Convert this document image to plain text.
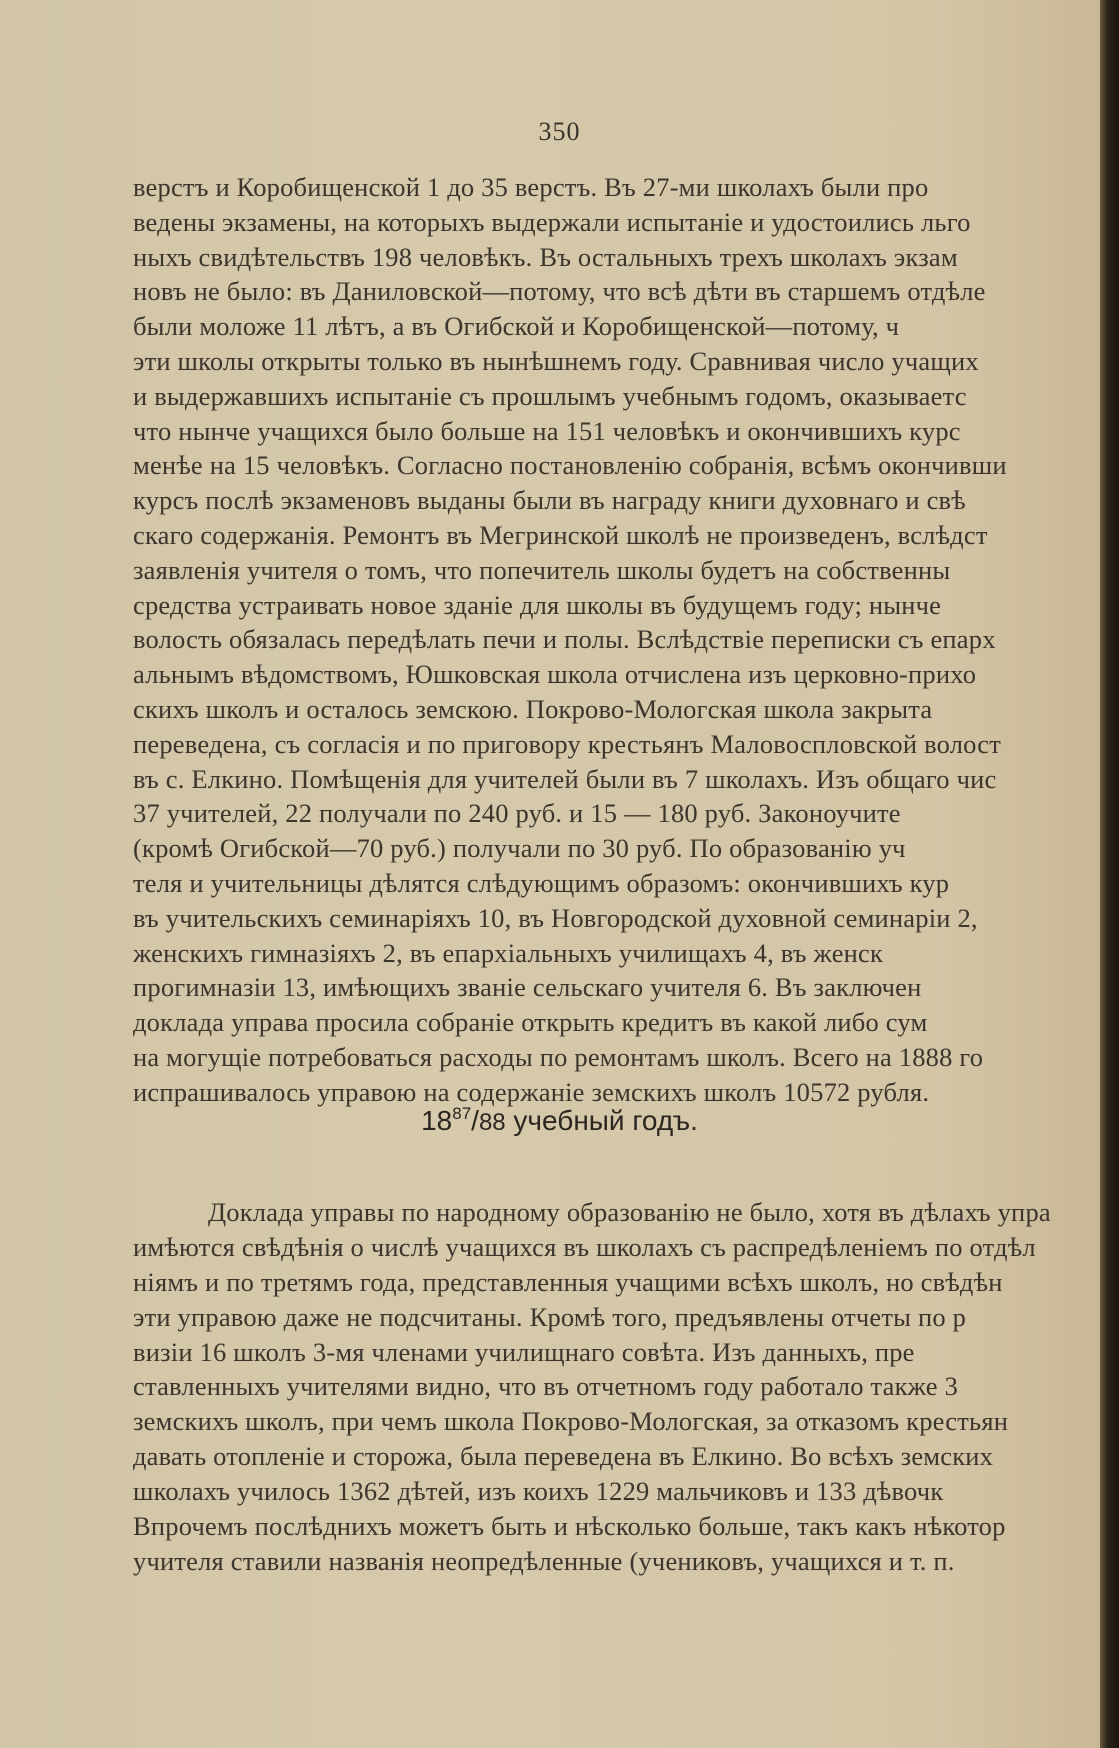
350
верстъ и Коробищенской 1 до 35 верстъ. Въ 27-ми школахъ были про
ведены экзамены, на которыхъ выдержали испытаніе и удостоились льго
ныхъ свидѣтельствъ 198 человѣкъ. Въ остальныхъ трехъ школахъ экзам
новъ не было: въ Даниловской—потому, что всѣ дѣти въ старшемъ отдѣле
были моложе 11 лѣтъ, а въ Огибской и Коробищенской—потому, ч
эти школы открыты только въ нынѣшнемъ году. Сравнивая число учащих
и выдержавшихъ испытаніе съ прошлымъ учебнымъ годомъ, оказываетс
что нынче учащихся было больше на 151 человѣкъ и окончившихъ курс
менѣе на 15 человѣкъ. Согласно постановленію собранія, всѣмъ окончивши
курсъ послѣ экзаменовъ выданы были въ награду книги духовнаго и свѣ
скаго содержанія. Ремонтъ въ Мегринской школѣ не произведенъ, вслѣдст
заявленія учителя о томъ, что попечитель школы будетъ на собственны
средства устраивать новое зданіе для школы въ будущемъ году; нынче
волость обязалась передѣлать печи и полы. Вслѣдствіе переписки съ епарх
альнымъ вѣдомствомъ, Юшковская школа отчислена изъ церковно-прихо
скихъ школъ и осталось земскою. Покрово-Мологская школа закрыта
переведена, съ согласія и по приговору крестьянъ Маловоспловской волост
въ с. Елкино. Помѣщенія для учителей были въ 7 школахъ. Изъ общаго чис
37 учителей, 22 получали по 240 руб. и 15 — 180 руб. Законоучите
(кромѣ Огибской—70 руб.) получали по 30 руб. По образованію уч
теля и учительницы дѣлятся слѣдующимъ образомъ: окончившихъ кур
въ учительскихъ семинаріяхъ 10, въ Новгородской духовной семинаріи 2,
женскихъ гимназіяхъ 2, въ епархіальныхъ училищахъ 4, въ женск
прогимназіи 13, имѣющихъ званіе сельскаго учителя 6. Въ заключен
доклада управа просила собраніе открыть кредитъ въ какой либо сум
на могущіе потребоваться расходы по ремонтамъ школъ. Всего на 1888 го
испрашивалось управою на содержаніе земскихъ школъ 10572 рубля.
$18^{87}/88$ учебный годъ.
Доклада управы по народному образованію не было, хотя въ дѣлахъ упра
имѣются свѣдѣнія о числѣ учащихся въ школахъ съ распредѣленіемъ по отдѣл
ніямъ и по третямъ года, представленныя учащими всѣхъ школъ, но свѣдѣн
эти управою даже не подсчитаны. Кромѣ того, предъявлены отчеты по р
визіи 16 школъ 3-мя членами училищнаго совѣта. Изъ данныхъ, пре
ставленныхъ учителями видно, что въ отчетномъ году работало также 3
земскихъ школъ, при чемъ школа Покрово-Мологская, за отказомъ крестьян
давать отопленіе и сторожа, была переведена въ Елкино. Во всѣхъ земских
школахъ училось 1362 дѣтей, изъ коихъ 1229 мальчиковъ и 133 дѣвочк
Впрочемъ послѣднихъ можетъ быть и нѣсколько больше, такъ какъ нѣкотор
учителя ставили названія неопредѣленные (учениковъ, учащихся и т. п.
